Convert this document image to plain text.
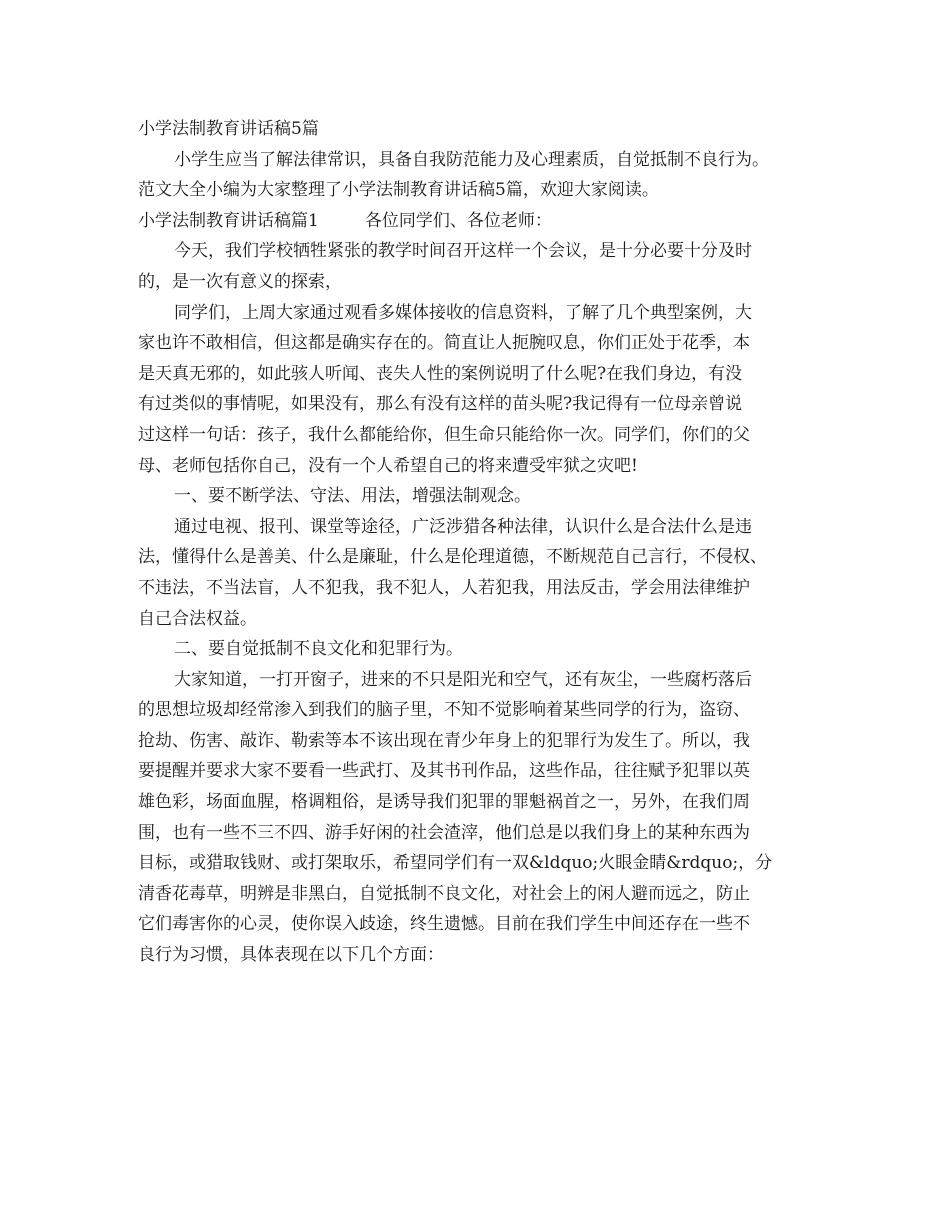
小学法制教育讲话稿5篇
小学生应当了解法律常识，具备自我防范能力及心理素质，自觉抵制不良行为。
范文大全小编为大家整理了小学法制教育讲话稿5篇，欢迎大家阅读。
小学法制教育讲话稿篇1	各位同学们、各位老师：
今天，我们学校牺牲紧张的教学时间召开这样一个会议，是十分必要十分及时
的，是一次有意义的探索，
同学们，上周大家通过观看多媒体接收的信息资料，了解了几个典型案例，大
家也许不敢相信，但这都是确实存在的。简直让人扼腕叹息，你们正处于花季，本
是天真无邪的，如此骇人听闻、丧失人性的案例说明了什么呢?在我们身边，有没
有过类似的事情呢，如果没有，那么有没有这样的苗头呢?我记得有一位母亲曾说
过这样一句话：孩子，我什么都能给你，但生命只能给你一次。同学们，你们的父
母、老师包括你自己，没有一个人希望自己的将来遭受牢狱之灾吧!
一、要不断学法、守法、用法，增强法制观念。
通过电视、报刊、课堂等途径，广泛涉猎各种法律，认识什么是合法什么是违
法，懂得什么是善美、什么是廉耻，什么是伦理道德，不断规范自己言行，不侵权、
不违法，不当法盲，人不犯我，我不犯人，人若犯我，用法反击，学会用法律维护
自己合法权益。
二、要自觉抵制不良文化和犯罪行为。
大家知道，一打开窗子，进来的不只是阳光和空气，还有灰尘，一些腐朽落后
的思想垃圾却经常渗入到我们的脑子里，不知不觉影响着某些同学的行为，盗窃、
抢劫、伤害、敲诈、勒索等本不该出现在青少年身上的犯罪行为发生了。所以，我
要提醒并要求大家不要看一些武打、及其书刊作品，这些作品，往往赋予犯罪以英
雄色彩，场面血腥，格调粗俗，是诱导我们犯罪的罪魁祸首之一，另外，在我们周
围，也有一些不三不四、游手好闲的社会渣滓，他们总是以我们身上的某种东西为
目标，或猎取钱财、或打架取乐，希望同学们有一双&ldquo;火眼金睛&rdquo;，分
清香花毒草，明辨是非黑白，自觉抵制不良文化，对社会上的闲人避而远之，防止
它们毒害你的心灵，使你误入歧途，终生遗憾。目前在我们学生中间还存在一些不
良行为习惯，具体表现在以下几个方面：
